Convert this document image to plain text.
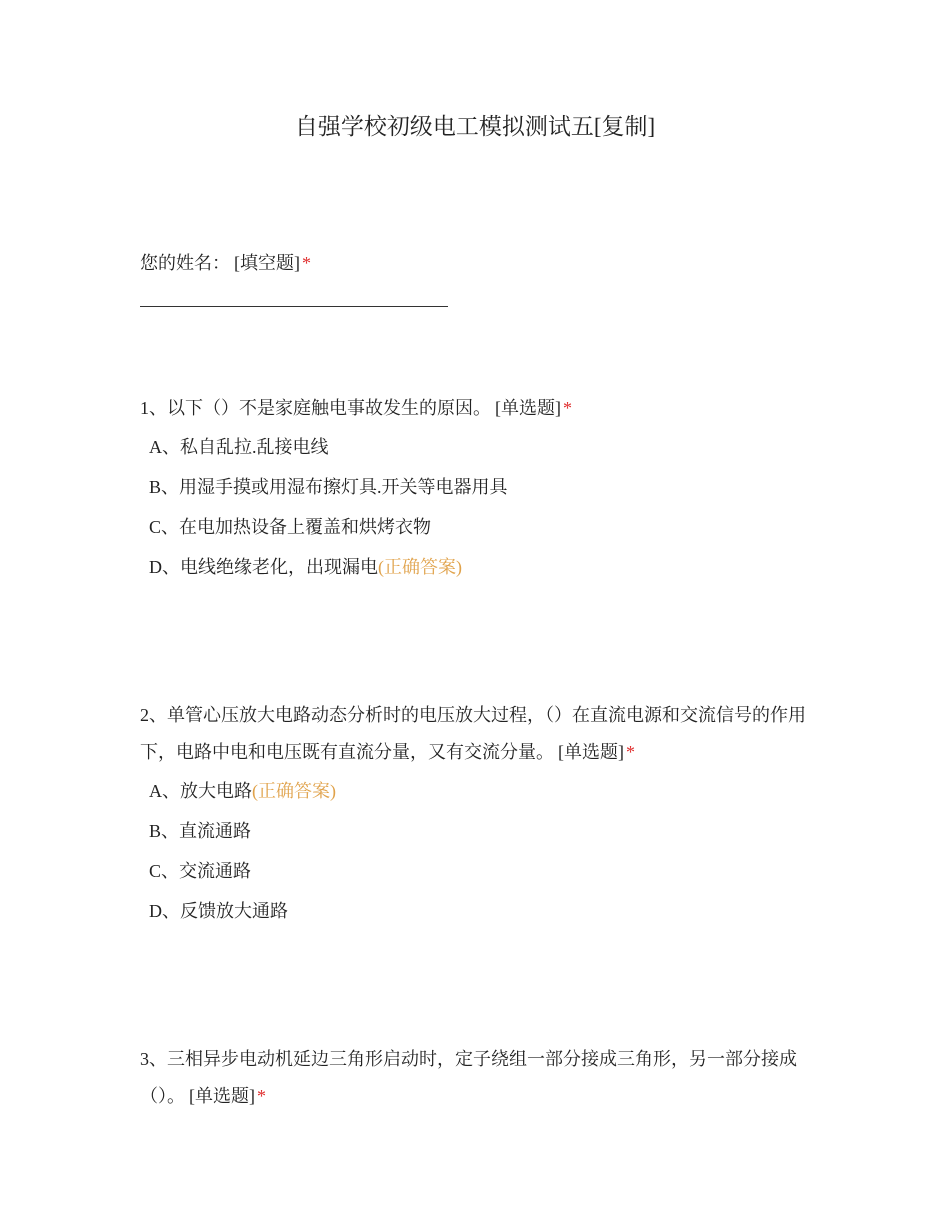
自强学校初级电工模拟测试五[复制]
您的姓名： [填空题] *
1、以下（）不是家庭触电事故发生的原因。 [单选题] *
A、私自乱拉.乱接电线
B、用湿手摸或用湿布擦灯具.开关等电器用具
C、在电加热设备上覆盖和烘烤衣物
D、电线绝缘老化，出现漏电(正确答案)
2、单管心压放大电路动态分析时的电压放大过程，（）在直流电源和交流信号的作用下，电路中电和电压既有直流分量，又有交流分量。 [单选题] *
A、放大电路(正确答案)
B、直流通路
C、交流通路
D、反馈放大通路
3、三相异步电动机延边三角形启动时，定子绕组一部分接成三角形，另一部分接成（）。 [单选题] *
